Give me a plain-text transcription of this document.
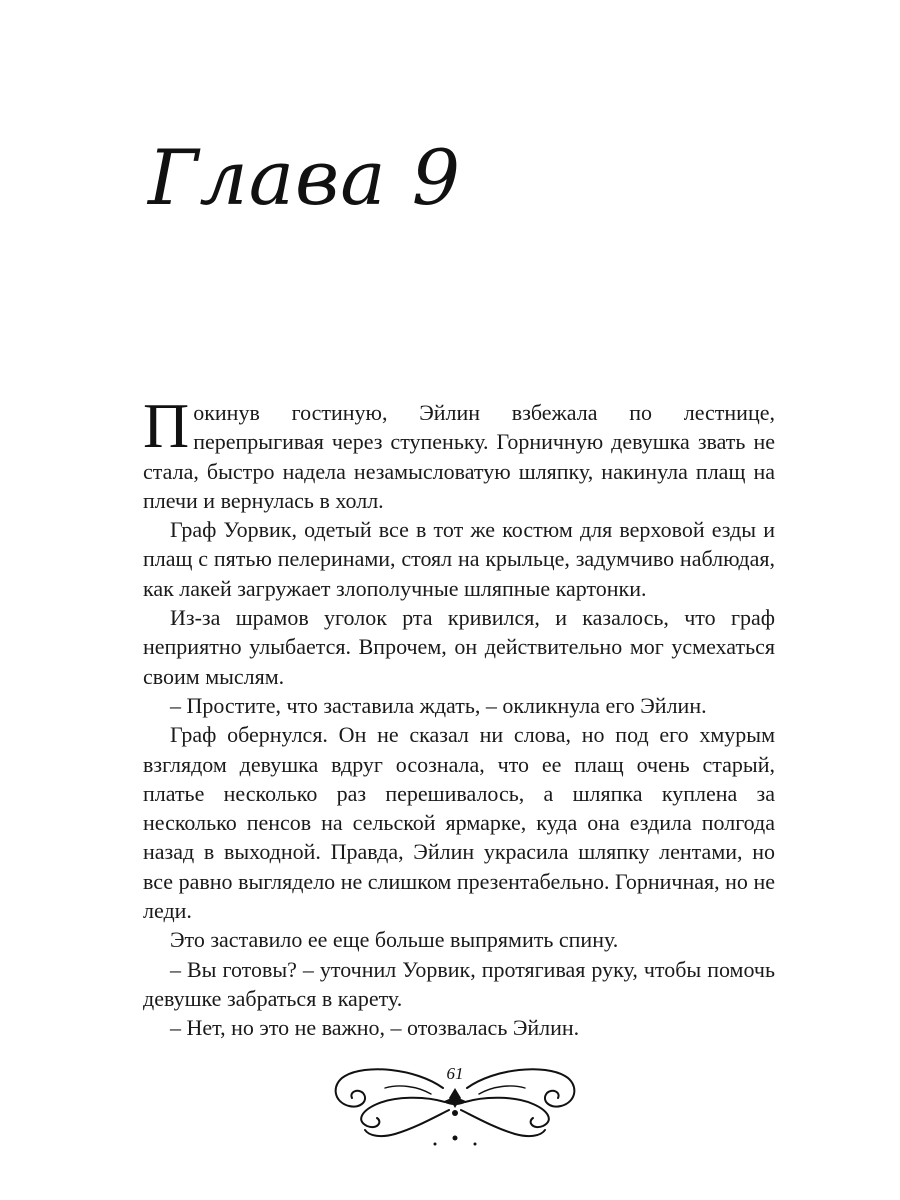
Глава 9

Покинув гостиную, Эйлин взбежала по лестнице, перепрыгивая через ступеньку. Горничную девушка звать не стала, быстро надела незамысловатую шляпку, накинула плащ на плечи и вернулась в холл.

Граф Уорвик, одетый все в тот же костюм для верховой езды и плащ с пятью пелеринами, стоял на крыльце, задумчиво наблюдая, как лакей загружает злополучные шляпные картонки.

Из-за шрамов уголок рта кривился, и казалось, что граф неприятно улыбается. Впрочем, он действительно мог усмехаться своим мыслям.

– Простите, что заставила ждать, – окликнула его Эйлин.

Граф обернулся. Он не сказал ни слова, но под его хмурым взглядом девушка вдруг осознала, что ее плащ очень старый, платье несколько раз перешивалось, а шляпка куплена за несколько пенсов на сельской ярмарке, куда она ездила полгода назад в выходной. Правда, Эйлин украсила шляпку лентами, но все равно выглядело не слишком презентабельно. Горничная, но не леди.

Это заставило ее еще больше выпрямить спину.

– Вы готовы? – уточнил Уорвик, протягивая руку, чтобы помочь девушке забраться в карету.

– Нет, но это не важно, – отозвалась Эйлин.

61
